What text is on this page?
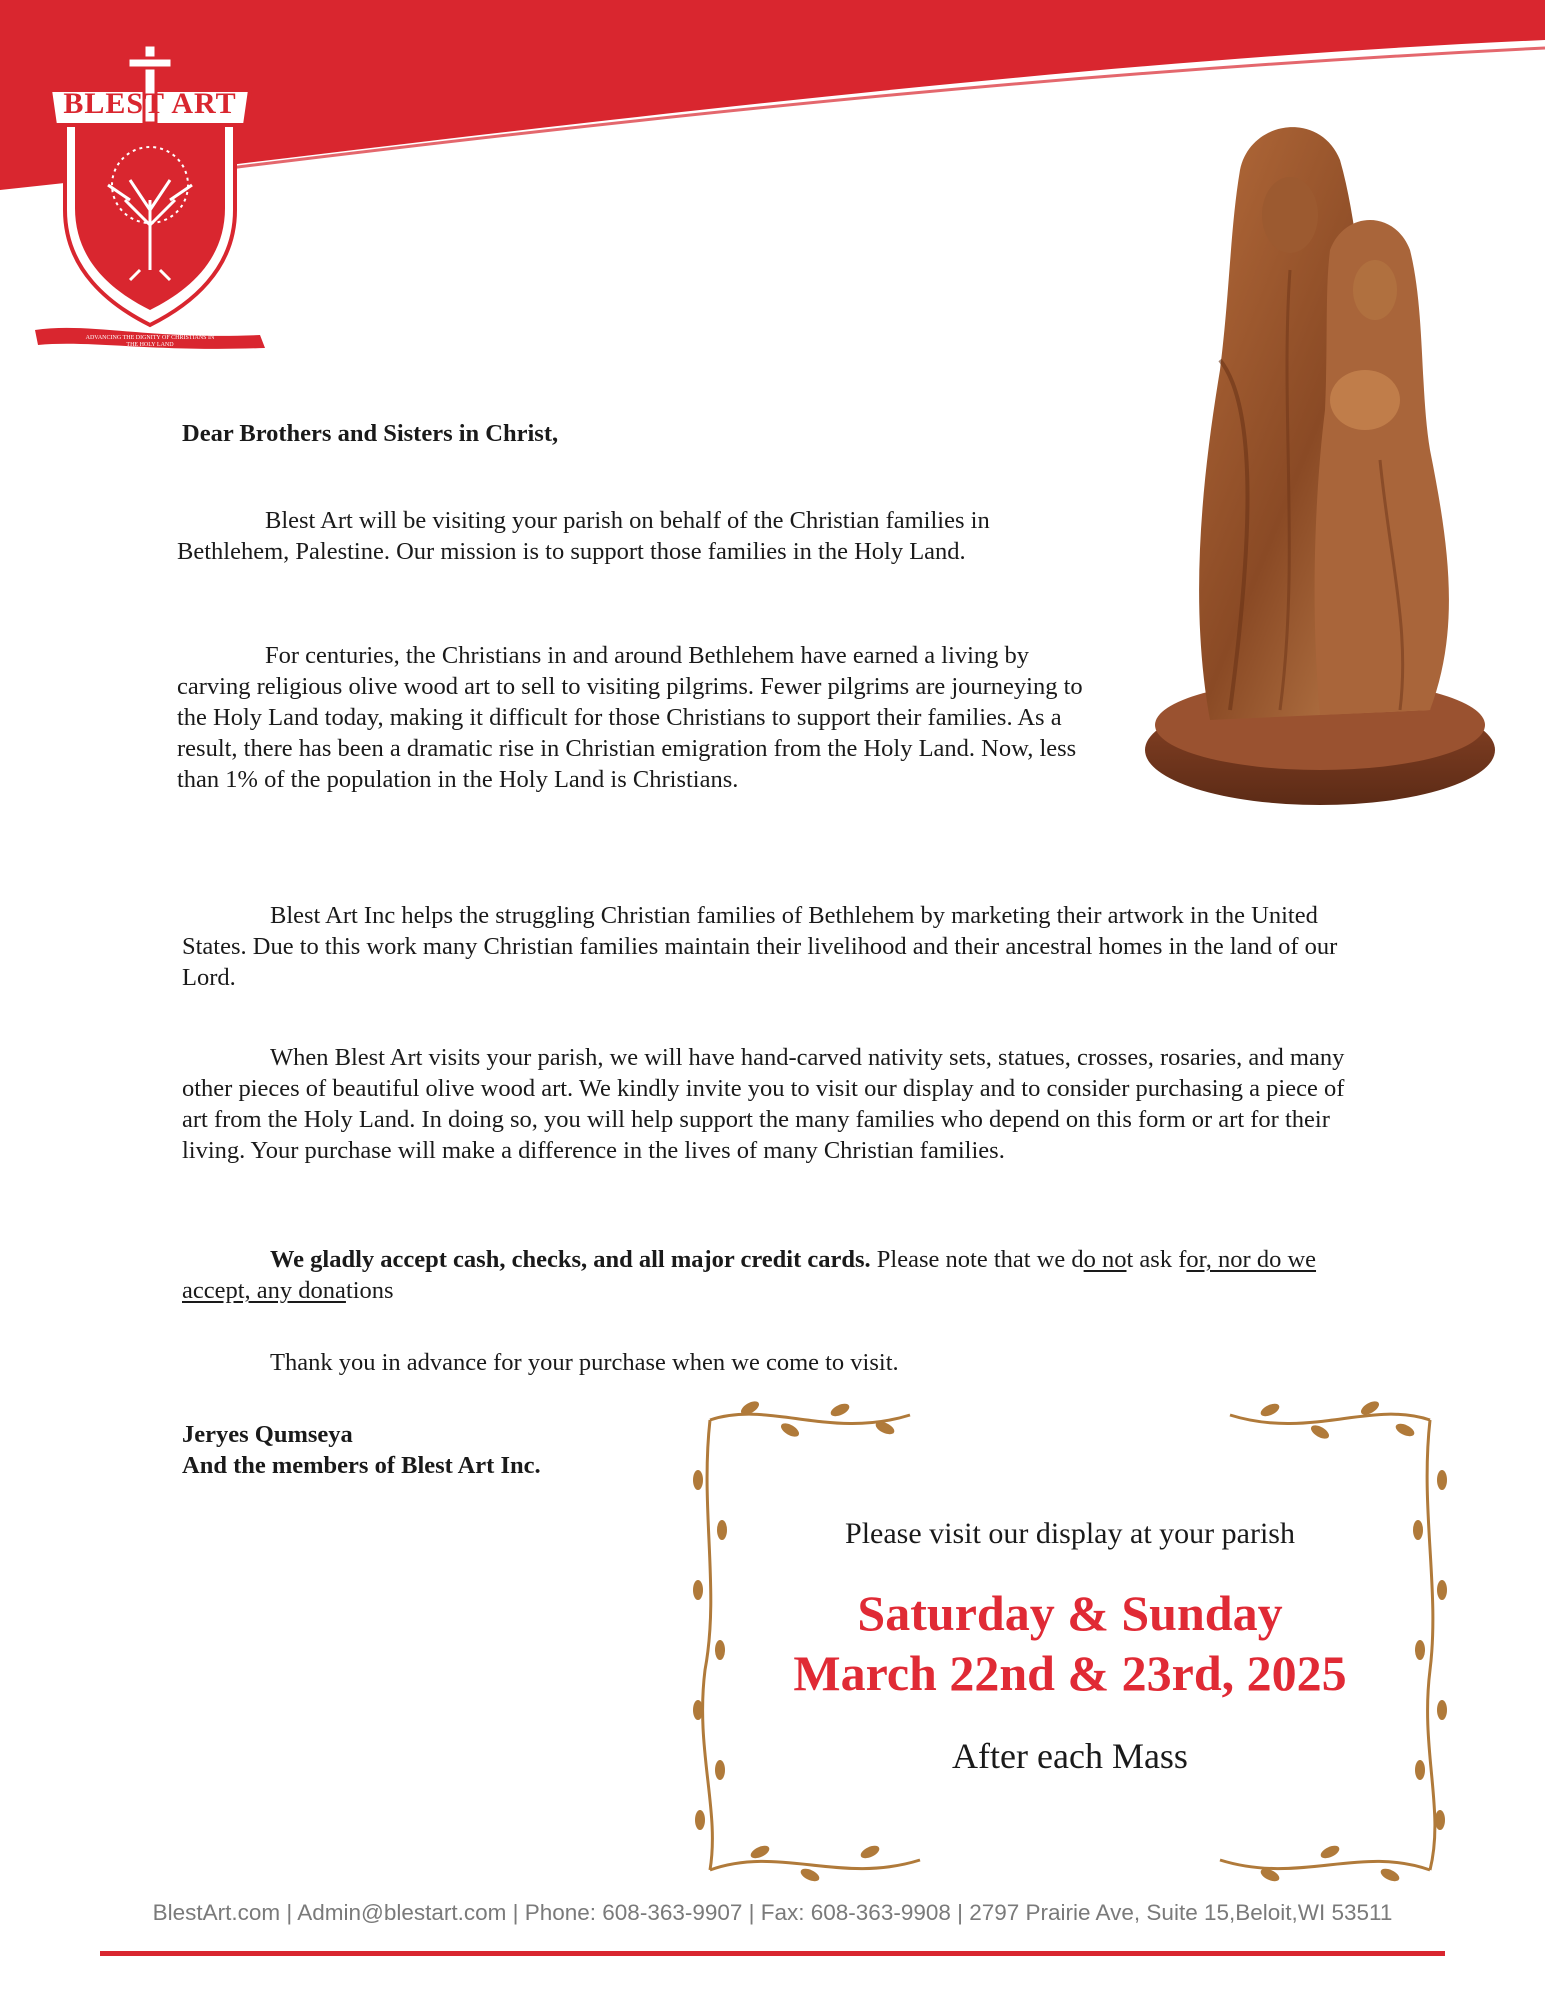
BLEST ART
ADVANCING THE DIGNITY OF CHRISTIANS IN THE HOLY LAND
Dear Brothers and Sisters in Christ,
Blest Art will be visiting your parish on behalf of the Christian families in Bethlehem, Palestine. Our mission is to support those families in the Holy Land.
For centuries, the Christians in and around Bethlehem have earned a living by carving religious olive wood art to sell to visiting pilgrims. Fewer pilgrims are journeying to the Holy Land today, making it difficult for those Christians to support their families. As a result, there has been a dramatic rise in Christian emigration from the Holy Land. Now, less than 1% of the population in the Holy Land is Christians.
Blest Art Inc helps the struggling Christian families of Bethlehem by marketing their artwork in the United States. Due to this work many Christian families maintain their livelihood and their ancestral homes in the land of our Lord.
When Blest Art visits your parish, we will have hand-carved nativity sets, statues, crosses, rosaries, and many other pieces of beautiful olive wood art. We kindly invite you to visit our display and to consider purchasing a piece of art from the Holy Land. In doing so, you will help support the many families who depend on this form or art for their living. Your purchase will make a difference in the lives of many Christian families.
We gladly accept cash, checks, and all major credit cards. Please note that we do not ask for, nor do we accept, any donations
Thank you in advance for your purchase when we come to visit.
Jeryes Qumseya
And the members of Blest Art Inc.
Please visit our display at your parish
Saturday & Sunday
March 22nd & 23rd, 2025
After each Mass
BlestArt.com | Admin@blestart.com | Phone: 608-363-9907 | Fax: 608-363-9908 | 2797 Prairie Ave, Suite 15,Beloit,WI 53511
